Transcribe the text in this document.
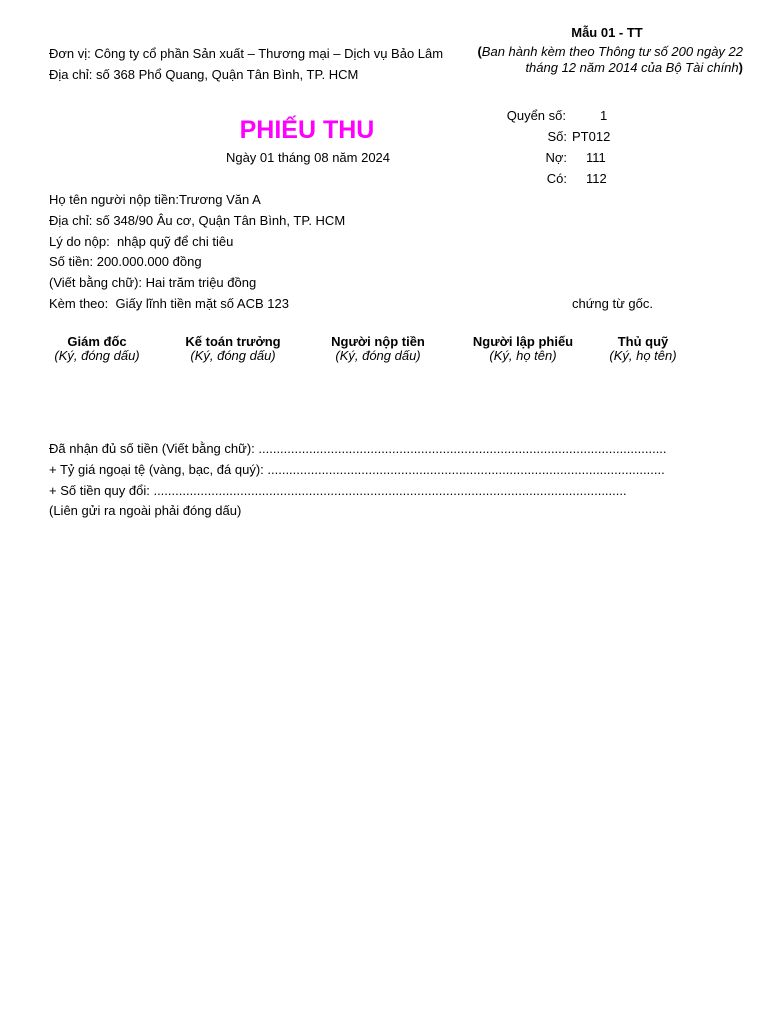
Đơn vị: Công ty cổ phần Sản xuất – Thương mại – Dịch vụ Bảo Lâm
Địa chỉ: số 368 Phổ Quang, Quận Tân Bình, TP. HCM
Mẫu 01 - TT
(Ban hành kèm theo Thông tư số 200 ngày 22 tháng 12 năm 2014 của Bộ Tài chính)
PHIẾU THU
Ngày 01 tháng 08 năm 2024
Quyển số:	1
Số: PT012
Nợ: 111
Có: 112
Họ tên người nộp tiền:Trương Văn A
Địa chỉ: số 348/90 Âu cơ, Quận Tân Bình, TP. HCM
Lý do nộp: nhập quỹ để chi tiêu
Số tiền: 200.000.000 đồng
(Viết bằng chữ): Hai trăm triệu đồng
Kèm theo: Giấy lĩnh tiền mặt số ACB 123	chứng từ gốc.
Giám đốc
(Ký, đóng dấu)
Kế toán trưởng
(Ký, đóng dấu)
Người nộp tiền
(Ký, đóng dấu)
Người lập phiếu
(Ký, họ tên)
Thủ quỹ
(Ký, họ tên)
Đã nhận đủ số tiền (Viết bằng chữ): .................................................................................................................
+ Tỷ giá ngoại tệ (vàng, bạc, đá quý): ..............................................................................................................
+ Số tiền quy đổi: ...................................................................................................................................
(Liên gửi ra ngoài phải đóng dấu)
